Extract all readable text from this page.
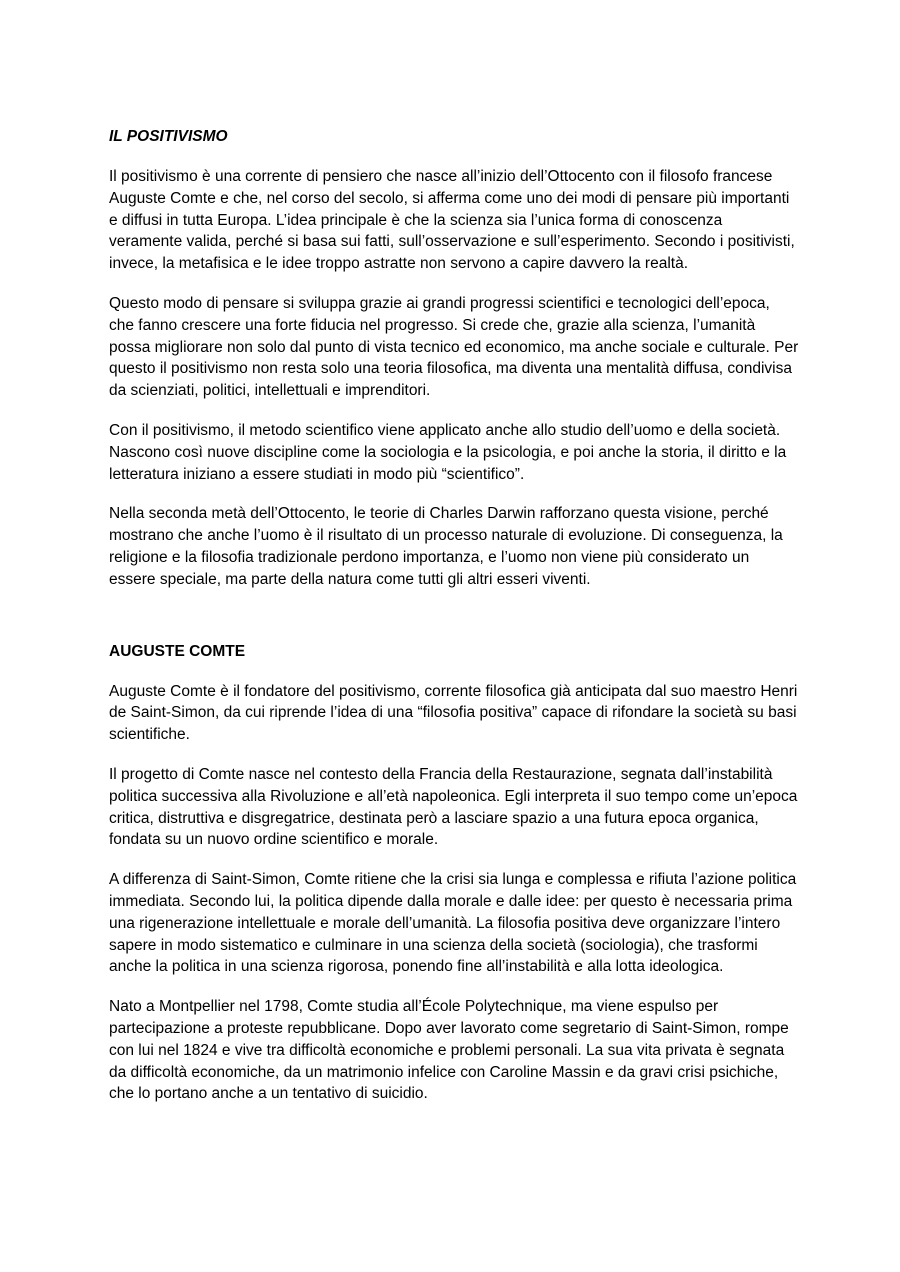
IL POSITIVISMO

Il positivismo è una corrente di pensiero che nasce all’inizio dell’Ottocento con il filosofo francese Auguste Comte e che, nel corso del secolo, si afferma come uno dei modi di pensare più importanti e diffusi in tutta Europa. L’idea principale è che la scienza sia l’unica forma di conoscenza veramente valida, perché si basa sui fatti, sull’osservazione e sull’esperimento. Secondo i positivisti, invece, la metafisica e le idee troppo astratte non servono a capire davvero la realtà.

Questo modo di pensare si sviluppa grazie ai grandi progressi scientifici e tecnologici dell’epoca, che fanno crescere una forte fiducia nel progresso. Si crede che, grazie alla scienza, l’umanità possa migliorare non solo dal punto di vista tecnico ed economico, ma anche sociale e culturale. Per questo il positivismo non resta solo una teoria filosofica, ma diventa una mentalità diffusa, condivisa da scienziati, politici, intellettuali e imprenditori.

Con il positivismo, il metodo scientifico viene applicato anche allo studio dell’uomo e della società. Nascono così nuove discipline come la sociologia e la psicologia, e poi anche la storia, il diritto e la letteratura iniziano a essere studiati in modo più “scientifico”.

Nella seconda metà dell’Ottocento, le teorie di Charles Darwin rafforzano questa visione, perché mostrano che anche l’uomo è il risultato di un processo naturale di evoluzione. Di conseguenza, la religione e la filosofia tradizionale perdono importanza, e l’uomo non viene più considerato un essere speciale, ma parte della natura come tutti gli altri esseri viventi.

AUGUSTE COMTE

Auguste Comte è il fondatore del positivismo, corrente filosofica già anticipata dal suo maestro Henri de Saint-Simon, da cui riprende l’idea di una “filosofia positiva” capace di rifondare la società su basi scientifiche.

Il progetto di Comte nasce nel contesto della Francia della Restaurazione, segnata dall’instabilità politica successiva alla Rivoluzione e all’età napoleonica. Egli interpreta il suo tempo come un’epoca critica, distruttiva e disgregatrice, destinata però a lasciare spazio a una futura epoca organica, fondata su un nuovo ordine scientifico e morale.

A differenza di Saint-Simon, Comte ritiene che la crisi sia lunga e complessa e rifiuta l’azione politica immediata. Secondo lui, la politica dipende dalla morale e dalle idee: per questo è necessaria prima una rigenerazione intellettuale e morale dell’umanità. La filosofia positiva deve organizzare l’intero sapere in modo sistematico e culminare in una scienza della società (sociologia), che trasformi anche la politica in una scienza rigorosa, ponendo fine all’instabilità e alla lotta ideologica.

Nato a Montpellier nel 1798, Comte studia all’École Polytechnique, ma viene espulso per partecipazione a proteste repubblicane. Dopo aver lavorato come segretario di Saint-Simon, rompe con lui nel 1824 e vive tra difficoltà economiche e problemi personali. La sua vita privata è segnata da difficoltà economiche, da un matrimonio infelice con Caroline Massin e da gravi crisi psichiche, che lo portano anche a un tentativo di suicidio.
